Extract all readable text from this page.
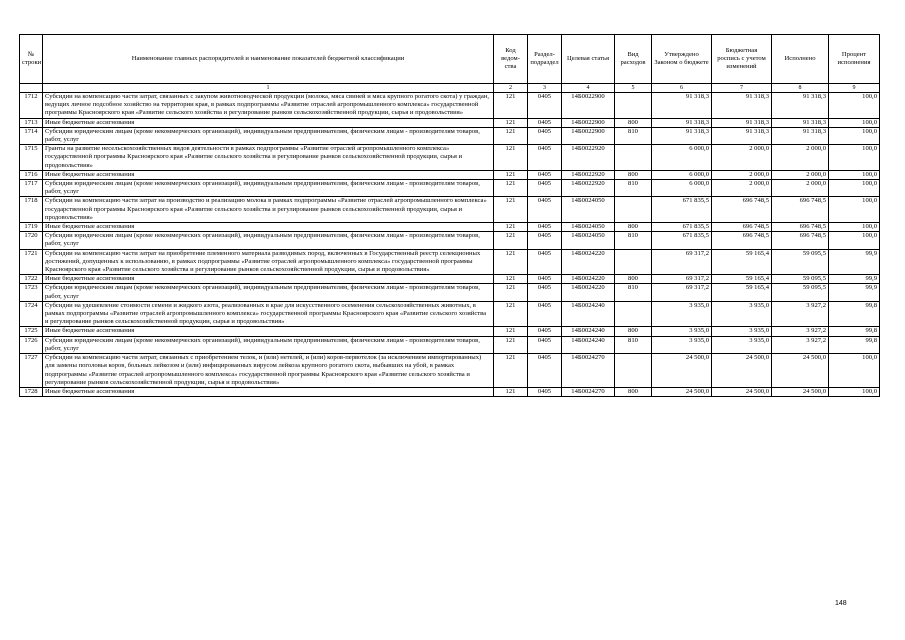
№ строки	Наименование главных распорядителей и наименование показателей бюджетной классификации	Код ведом-ства	Раздел-подраздел	Целевая статья	Вид расходов	Утверждено Законом о бюджете	Бюджетная роспись с учетом изменений	Исполнено	Процент исполнения
	1	2	3	4	5	6	7	8	9
1712	Субсидии на компенсацию части затрат, связанных с закупом животноводческой продукции (молока, мяса свиней и мяса крупного рогатого скота) у граждан, ведущих личное подсобное хозяйство на территории края, в рамках подпрограммы «Развитие отраслей агропромышленного комплекса» государственной программы Красноярского края «Развитие сельского хозяйства и регулирование рынков сельскохозяйственной продукции, сырья и продовольствия»	121	0405	14Б0022900		91 318,3	91 318,3	91 318,3	100,0
1713	Иные бюджетные ассигнования	121	0405	14Б0022900	800	91 318,3	91 318,3	91 318,3	100,0
1714	Субсидии юридическим лицам (кроме некоммерческих организаций), индивидуальным предпринимателям, физическим лицам - производителям товаров, работ, услуг	121	0405	14Б0022900	810	91 318,3	91 318,3	91 318,3	100,0
1715	Гранты на развитие несельскохозяйственных видов деятельности в рамках подпрограммы «Развитие отраслей агропромышленного комплекса» государственной программы Красноярского края «Развитие сельского хозяйства и регулирование рынков сельскохозяйственной продукции, сырья и продовольствия»	121	0405	14Б0022920		6 000,0	2 000,0	2 000,0	100,0
1716	Иные бюджетные ассигнования	121	0405	14Б0022920	800	6 000,0	2 000,0	2 000,0	100,0
1717	Субсидии юридическим лицам (кроме некоммерческих организаций), индивидуальным предпринимателям, физическим лицам - производителям товаров, работ, услуг	121	0405	14Б0022920	810	6 000,0	2 000,0	2 000,0	100,0
1718	Субсидии на компенсацию части затрат на производство и реализацию молока в рамках подпрограммы «Развитие отраслей агропромышленного комплекса» государственной программы Красноярского края «Развитие сельского хозяйства и регулирование рынков сельскохозяйственной продукции, сырья и продовольствия»	121	0405	14Б0024050		671 835,5	696 748,5	696 748,5	100,0
1719	Иные бюджетные ассигнования	121	0405	14Б0024050	800	671 835,5	696 748,5	696 748,5	100,0
1720	Субсидии юридическим лицам (кроме некоммерческих организаций), индивидуальным предпринимателям, физическим лицам - производителям товаров, работ, услуг	121	0405	14Б0024050	810	671 835,5	696 748,5	696 748,5	100,0
1721	Субсидии на компенсацию части затрат на приобретение племенного материала разводимых пород, включенных в Государственный реестр селекционных достижений, допущенных к использованию, в рамках подпрограммы «Развитие отраслей агропромышленного комплекса» государственной программы Красноярского края «Развитие сельского хозяйства и регулирование рынков сельскохозяйственной продукции, сырья и продовольствия»	121	0405	14Б0024220		69 317,2	59 165,4	59 095,5	99,9
1722	Иные бюджетные ассигнования	121	0405	14Б0024220	800	69 317,2	59 165,4	59 095,5	99,9
1723	Субсидии юридическим лицам (кроме некоммерческих организаций), индивидуальным предпринимателям, физическим лицам - производителям товаров, работ, услуг	121	0405	14Б0024220	810	69 317,2	59 165,4	59 095,5	99,9
1724	Субсидии на удешевление стоимости семени и жидкого азота, реализованных в крае для искусственного осеменения сельскохозяйственных животных, в рамках подпрограммы «Развитие отраслей агропромышленного комплекса» государственной программы Красноярского края «Развитие сельского хозяйства и регулирование рынков сельскохозяйственной продукции, сырья и продовольствия»	121	0405	14Б0024240		3 935,0	3 935,0	3 927,2	99,8
1725	Иные бюджетные ассигнования	121	0405	14Б0024240	800	3 935,0	3 935,0	3 927,2	99,8
1726	Субсидии юридическим лицам (кроме некоммерческих организаций), индивидуальным предпринимателям, физическим лицам - производителям товаров, работ, услуг	121	0405	14Б0024240	810	3 935,0	3 935,0	3 927,2	99,8
1727	Субсидии на компенсацию части затрат, связанных с приобретением телок, и (или) нетелей, и (или) коров-первотелок (за исключением импортированных) для замены поголовья коров, больных лейкозом и (или) инфицированных вирусом лейкоза крупного рогатого скота, выбывших на убой, в рамках подпрограммы «Развитие отраслей агропромышленного комплекса» государственной программы Красноярского края «Развитие сельского хозяйства и регулирование рынков сельскохозяйственной продукции, сырья и продовольствия»	121	0405	14Б0024270		24 500,0	24 500,0	24 500,0	100,0
1728	Иные бюджетные ассигнования	121	0405	14Б0024270	800	24 500,0	24 500,0	24 500,0	100,0
148
